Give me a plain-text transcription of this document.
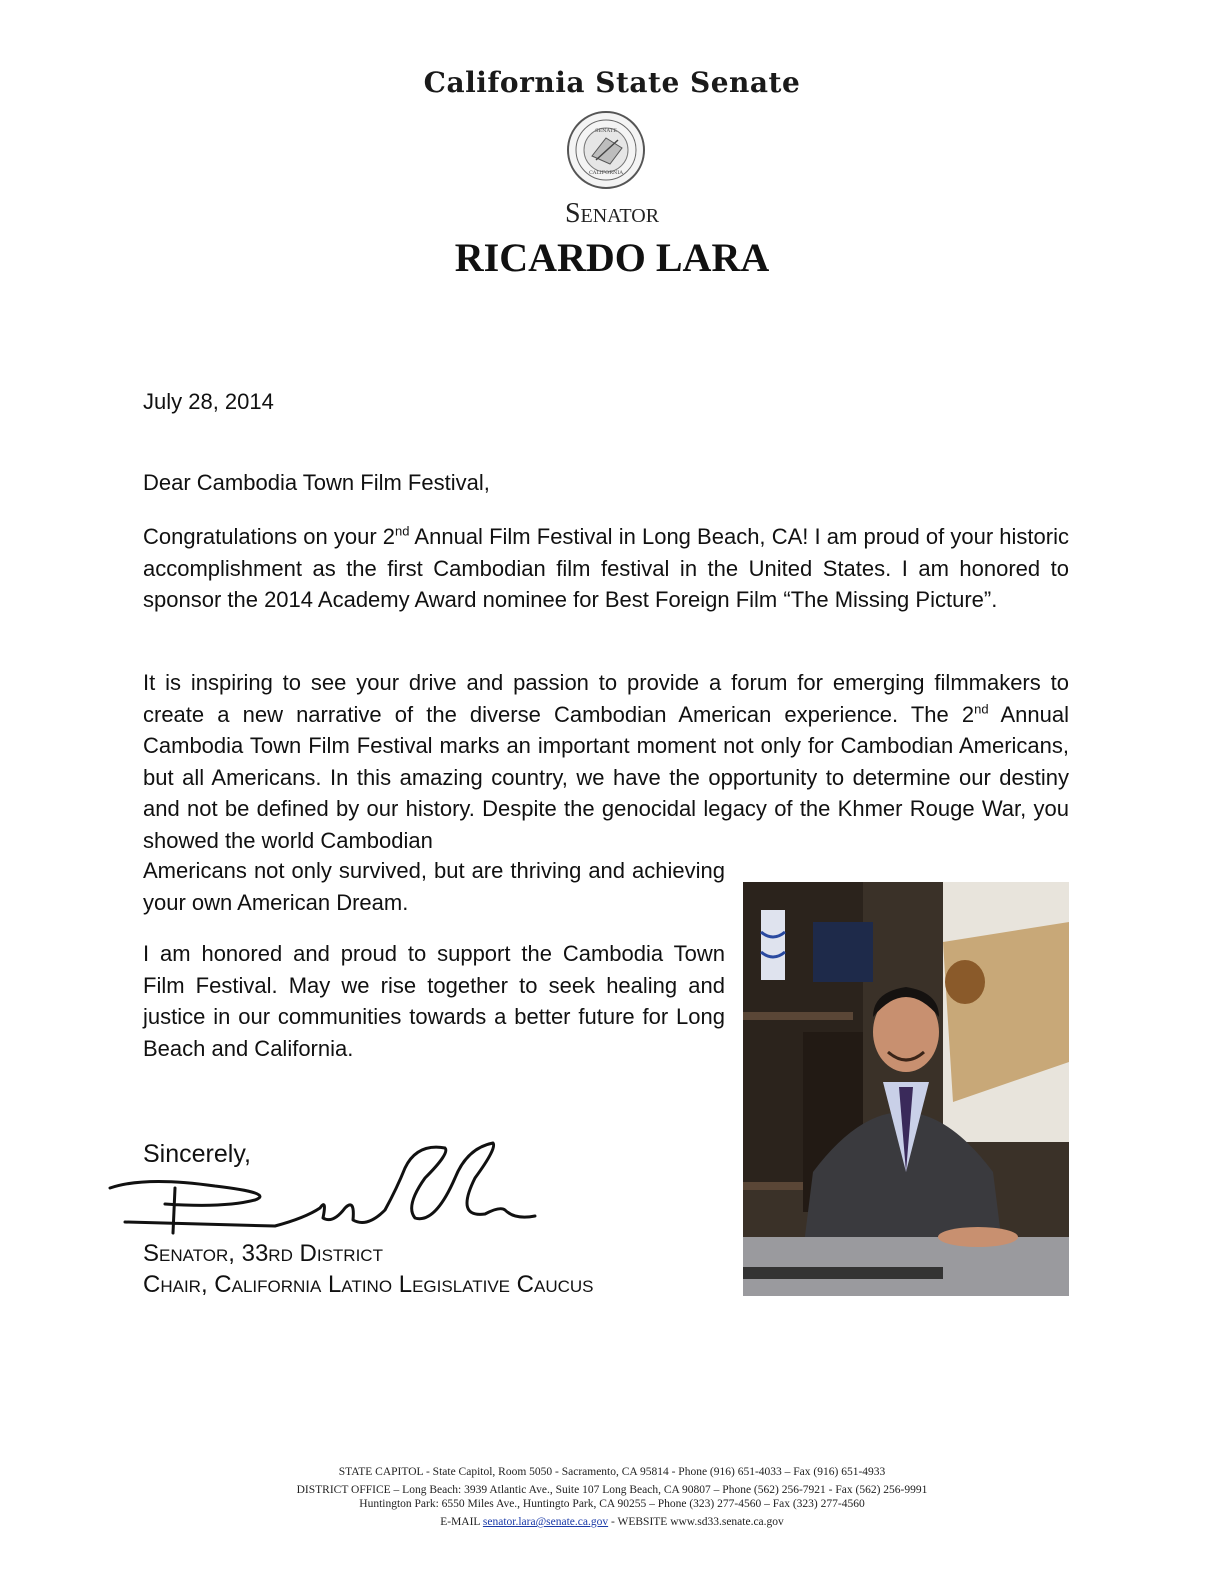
California State Senate
SENATE
CALIFORNIA
Senator
RICARDO LARA
July 28, 2014
Dear Cambodia Town Film Festival,

Congratulations on your 2nd Annual Film Festival in Long Beach, CA! I am proud of your historic accomplishment as the first Cambodian film festival in the United States. I am honored to sponsor the 2014 Academy Award nominee for Best Foreign Film “The Missing Picture”.

It is inspiring to see your drive and passion to provide a forum for emerging filmmakers to create a new narrative of the diverse Cambodian American experience. The 2nd Annual Cambodia Town Film Festival marks an important moment not only for Cambodian Americans, but all Americans. In this amazing country, we have the opportunity to determine our destiny and not be defined by our history. Despite the genocidal legacy of the Khmer Rouge War, you showed the world Cambodian

Americans not only survived, but are thriving and achieving your own American Dream.

I am honored and proud to support the Cambodia Town Film Festival. May we rise together to seek healing and justice in our communities towards a better future for Long Beach and California.

Sincerely,
Senator, 33rd District
Chair, California Latino Legislative Caucus
STATE CAPITOL - State Capitol, Room 5050 - Sacramento, CA 95814 - Phone (916) 651-4033 – Fax (916) 651-4933
DISTRICT OFFICE – Long Beach: 3939 Atlantic Ave., Suite 107 Long Beach, CA 90807 – Phone (562) 256-7921 - Fax (562) 256-9991
Huntington Park: 6550 Miles Ave., Huntingto Park, CA 90255 – Phone (323) 277-4560 – Fax (323) 277-4560
E-MAIL senator.lara@senate.ca.gov - WEBSITE www.sd33.senate.ca.gov
